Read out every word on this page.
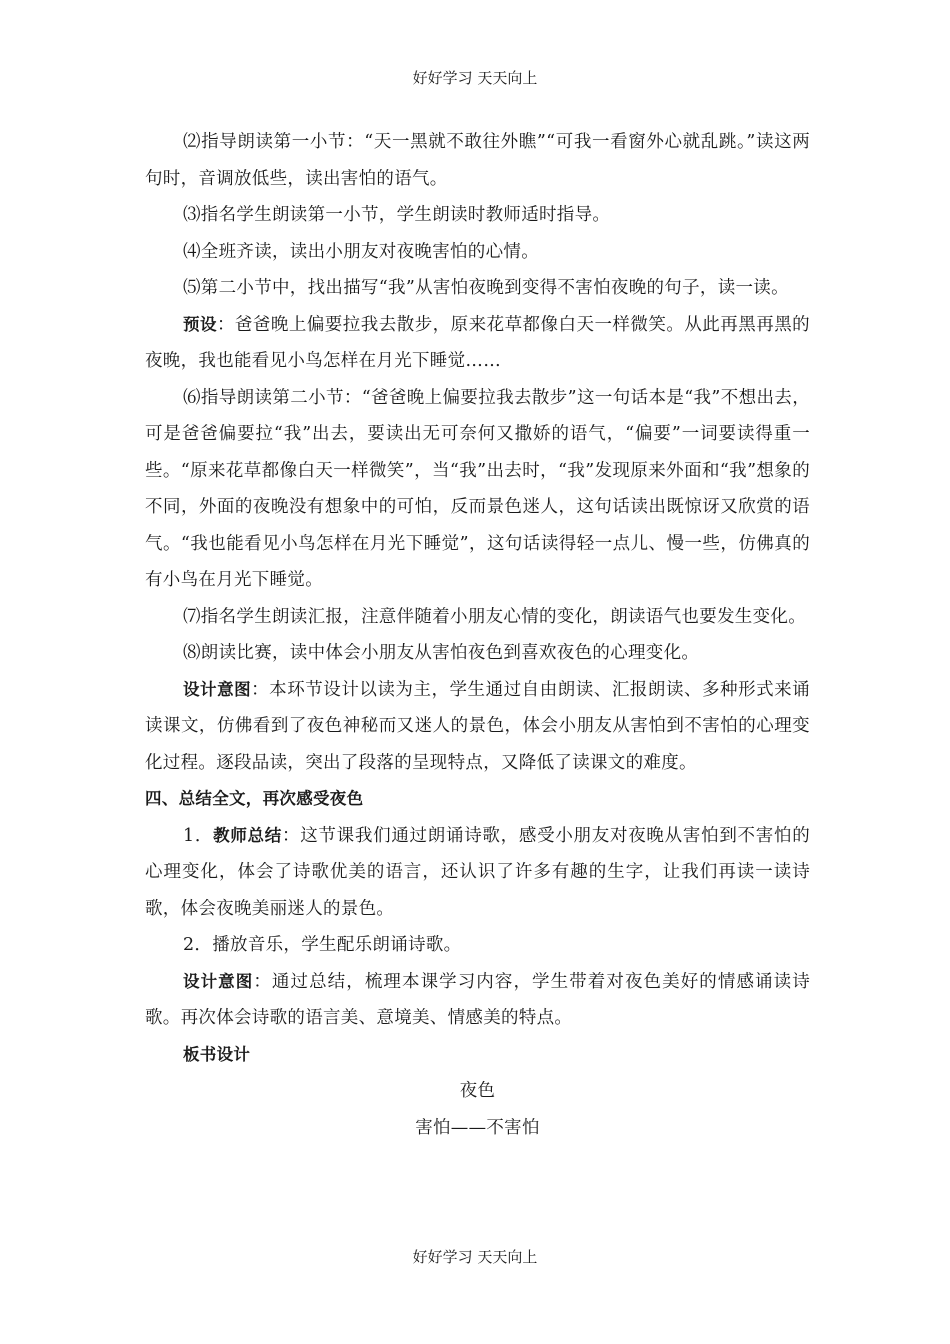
好好学习 天天向上

⑵指导朗读第一小节：“天一黑就不敢往外瞧”“可我一看窗外心就乱跳。”读这两句时，音调放低些，读出害怕的语气。

⑶指名学生朗读第一小节，学生朗读时教师适时指导。

⑷全班齐读，读出小朋友对夜晚害怕的心情。

⑸第二小节中，找出描写“我”从害怕夜晚到变得不害怕夜晚的句子，读一读。

预设：爸爸晚上偏要拉我去散步，原来花草都像白天一样微笑。从此再黑再黑的夜晚，我也能看见小鸟怎样在月光下睡觉……

⑹指导朗读第二小节：“爸爸晚上偏要拉我去散步”这一句话本是“我”不想出去，可是爸爸偏要拉“我”出去，要读出无可奈何又撒娇的语气，“偏要”一词要读得重一些。“原来花草都像白天一样微笑”，当“我”出去时，“我”发现原来外面和“我”想象的不同，外面的夜晚没有想象中的可怕，反而景色迷人，这句话读出既惊讶又欣赏的语气。“我也能看见小鸟怎样在月光下睡觉”，这句话读得轻一点儿、慢一些，仿佛真的有小鸟在月光下睡觉。

⑺指名学生朗读汇报，注意伴随着小朋友心情的变化，朗读语气也要发生变化。

⑻朗读比赛，读中体会小朋友从害怕夜色到喜欢夜色的心理变化。

设计意图：本环节设计以读为主，学生通过自由朗读、汇报朗读、多种形式来诵读课文，仿佛看到了夜色神秘而又迷人的景色，体会小朋友从害怕到不害怕的心理变化过程。逐段品读，突出了段落的呈现特点，又降低了读课文的难度。

四、总结全文，再次感受夜色

1．教师总结：这节课我们通过朗诵诗歌，感受小朋友对夜晚从害怕到不害怕的心理变化，体会了诗歌优美的语言，还认识了许多有趣的生字，让我们再读一读诗歌，体会夜晚美丽迷人的景色。

2．播放音乐，学生配乐朗诵诗歌。

设计意图：通过总结，梳理本课学习内容，学生带着对夜色美好的情感诵读诗歌。再次体会诗歌的语言美、意境美、情感美的特点。

板书设计

夜色

害怕——不害怕

好好学习 天天向上
